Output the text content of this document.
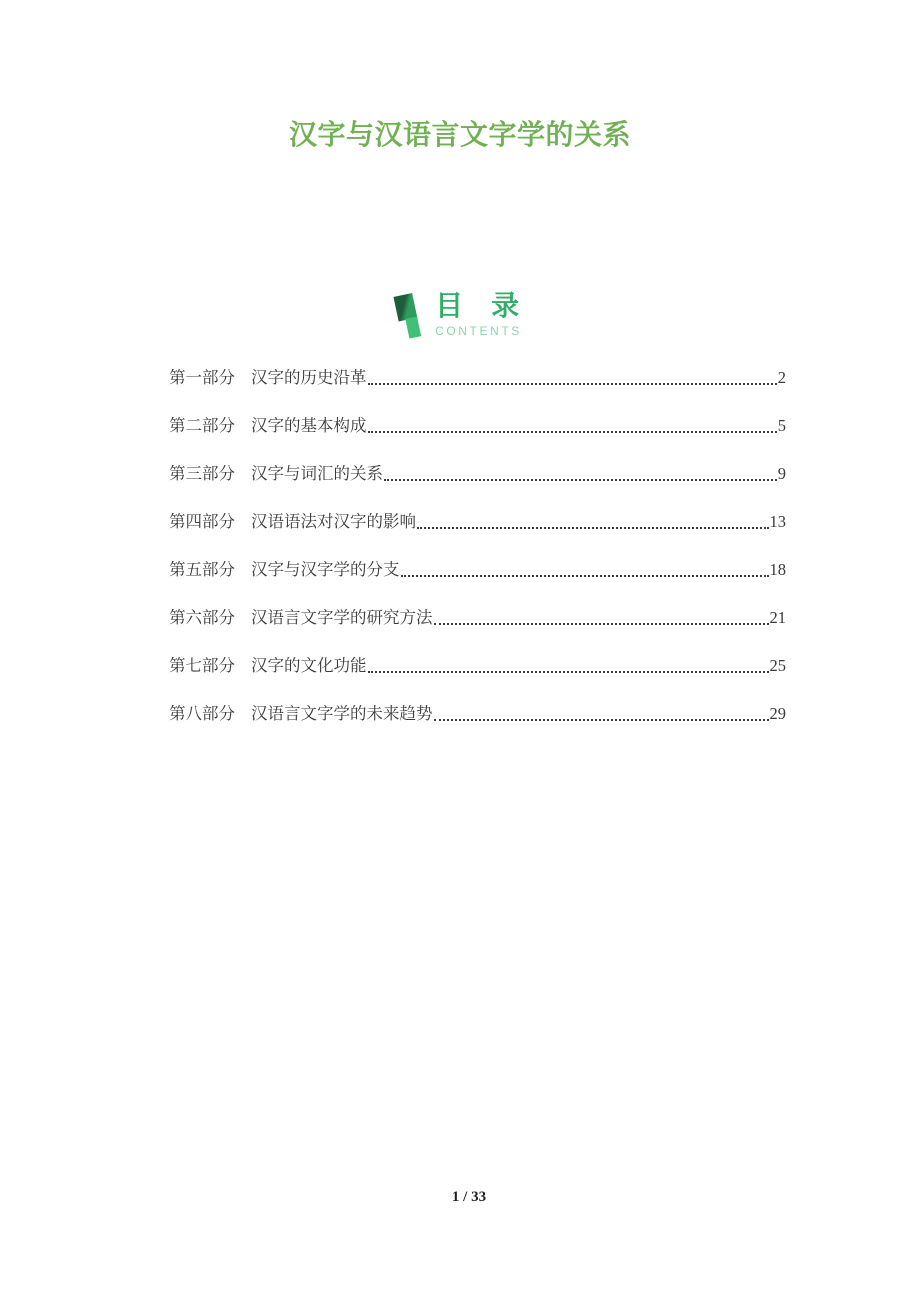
汉字与汉语言文字学的关系
目　录
CONTENTS
第一部分 汉字的历史沿革	2
第二部分 汉字的基本构成	5
第三部分 汉字与词汇的关系	9
第四部分 汉语语法对汉字的影响	13
第五部分 汉字与汉字学的分支	18
第六部分 汉语言文字学的研究方法	21
第七部分 汉字的文化功能	25
第八部分 汉语言文字学的未来趋势	29
1 / 33
